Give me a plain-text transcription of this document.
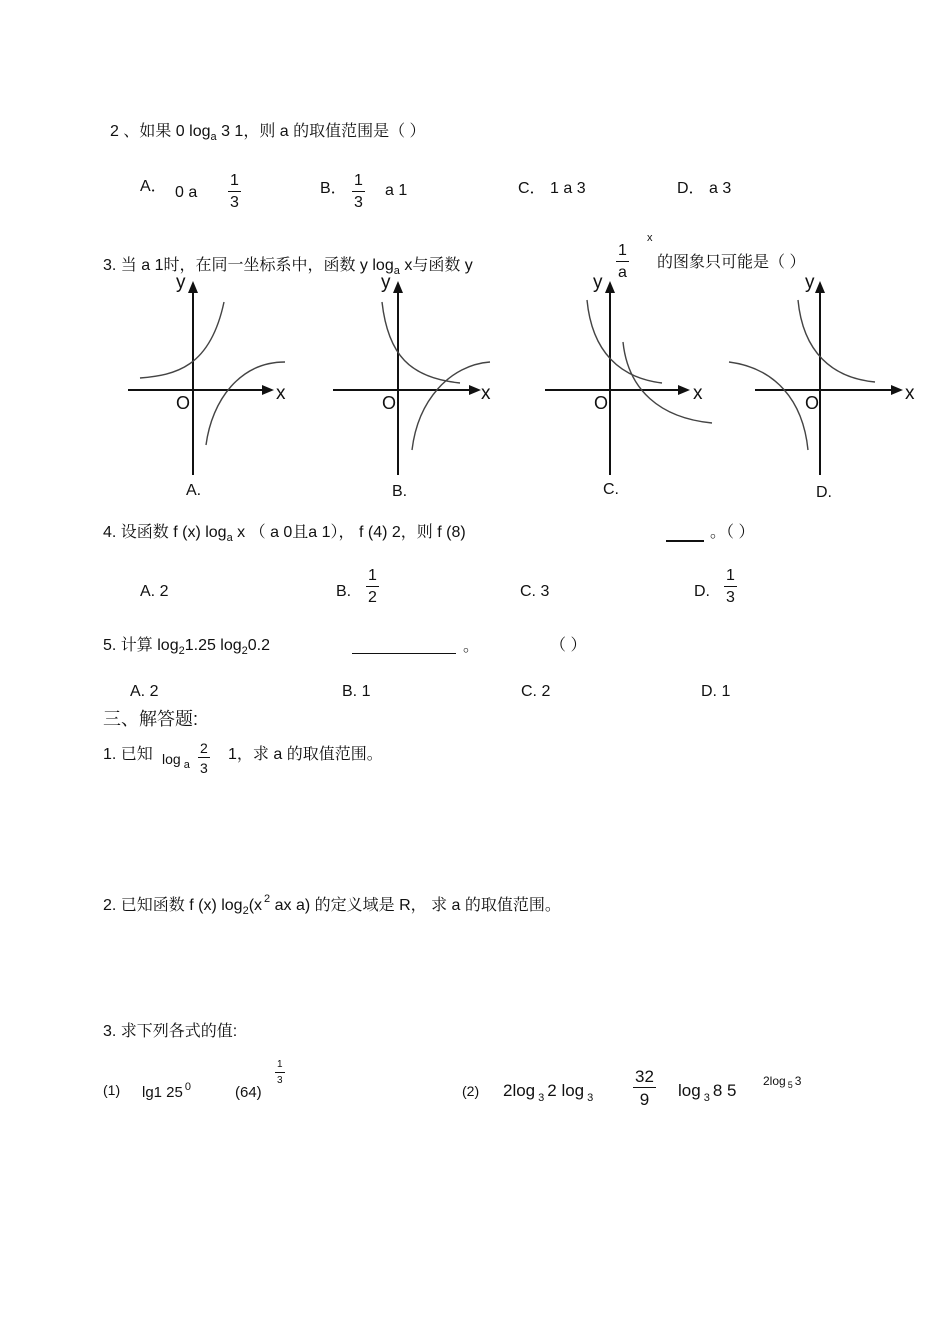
2 、如果 0 $\log_a 3$ 1，则 a 的取值范围是（ ）
A． 0 a $\frac{1}{3}$	B． $\frac{1}{3}$ a 1	C． 1 a 3	D． a 3
3. 当 a 1时，在同一坐标系中，函数 y $\log_a x$与函数 y	$\frac{1}{a}$
x
的图象只可能是（ ）
y
x
O
A.
y
x
O
B.
y
x
O
C.
y
x
O
D.
4. 设函数 f (x) $\log_a x$ （ a 0且a 1）， f (4) 2，则 f (8)	。（ ）
A. 2	B. $\frac{1}{2}$	C. 3	D. $\frac{1}{3}$
5. 计算 $\log_21.25$ $\log_20.2$	。	（ ）
A. 2	B. 1	C. 2	D. 1
三、解答题:
1. 已知 $\log _a \frac{2}{3} 1$，求 a 的取值范围。
2. 已知函数 f (x) $\log_2(x$ $^2$ ax a) 的定义域是 R， 求 a 的取值范围。
3. 求下列各式的值:
(1) lg1 25 $^0$	(64)
$\frac{1}{3}$
(2) 2log $_3$ 2 $\log _3 \frac{32}{9}$ log $_3$ 8 5 2log $_5$ 3
